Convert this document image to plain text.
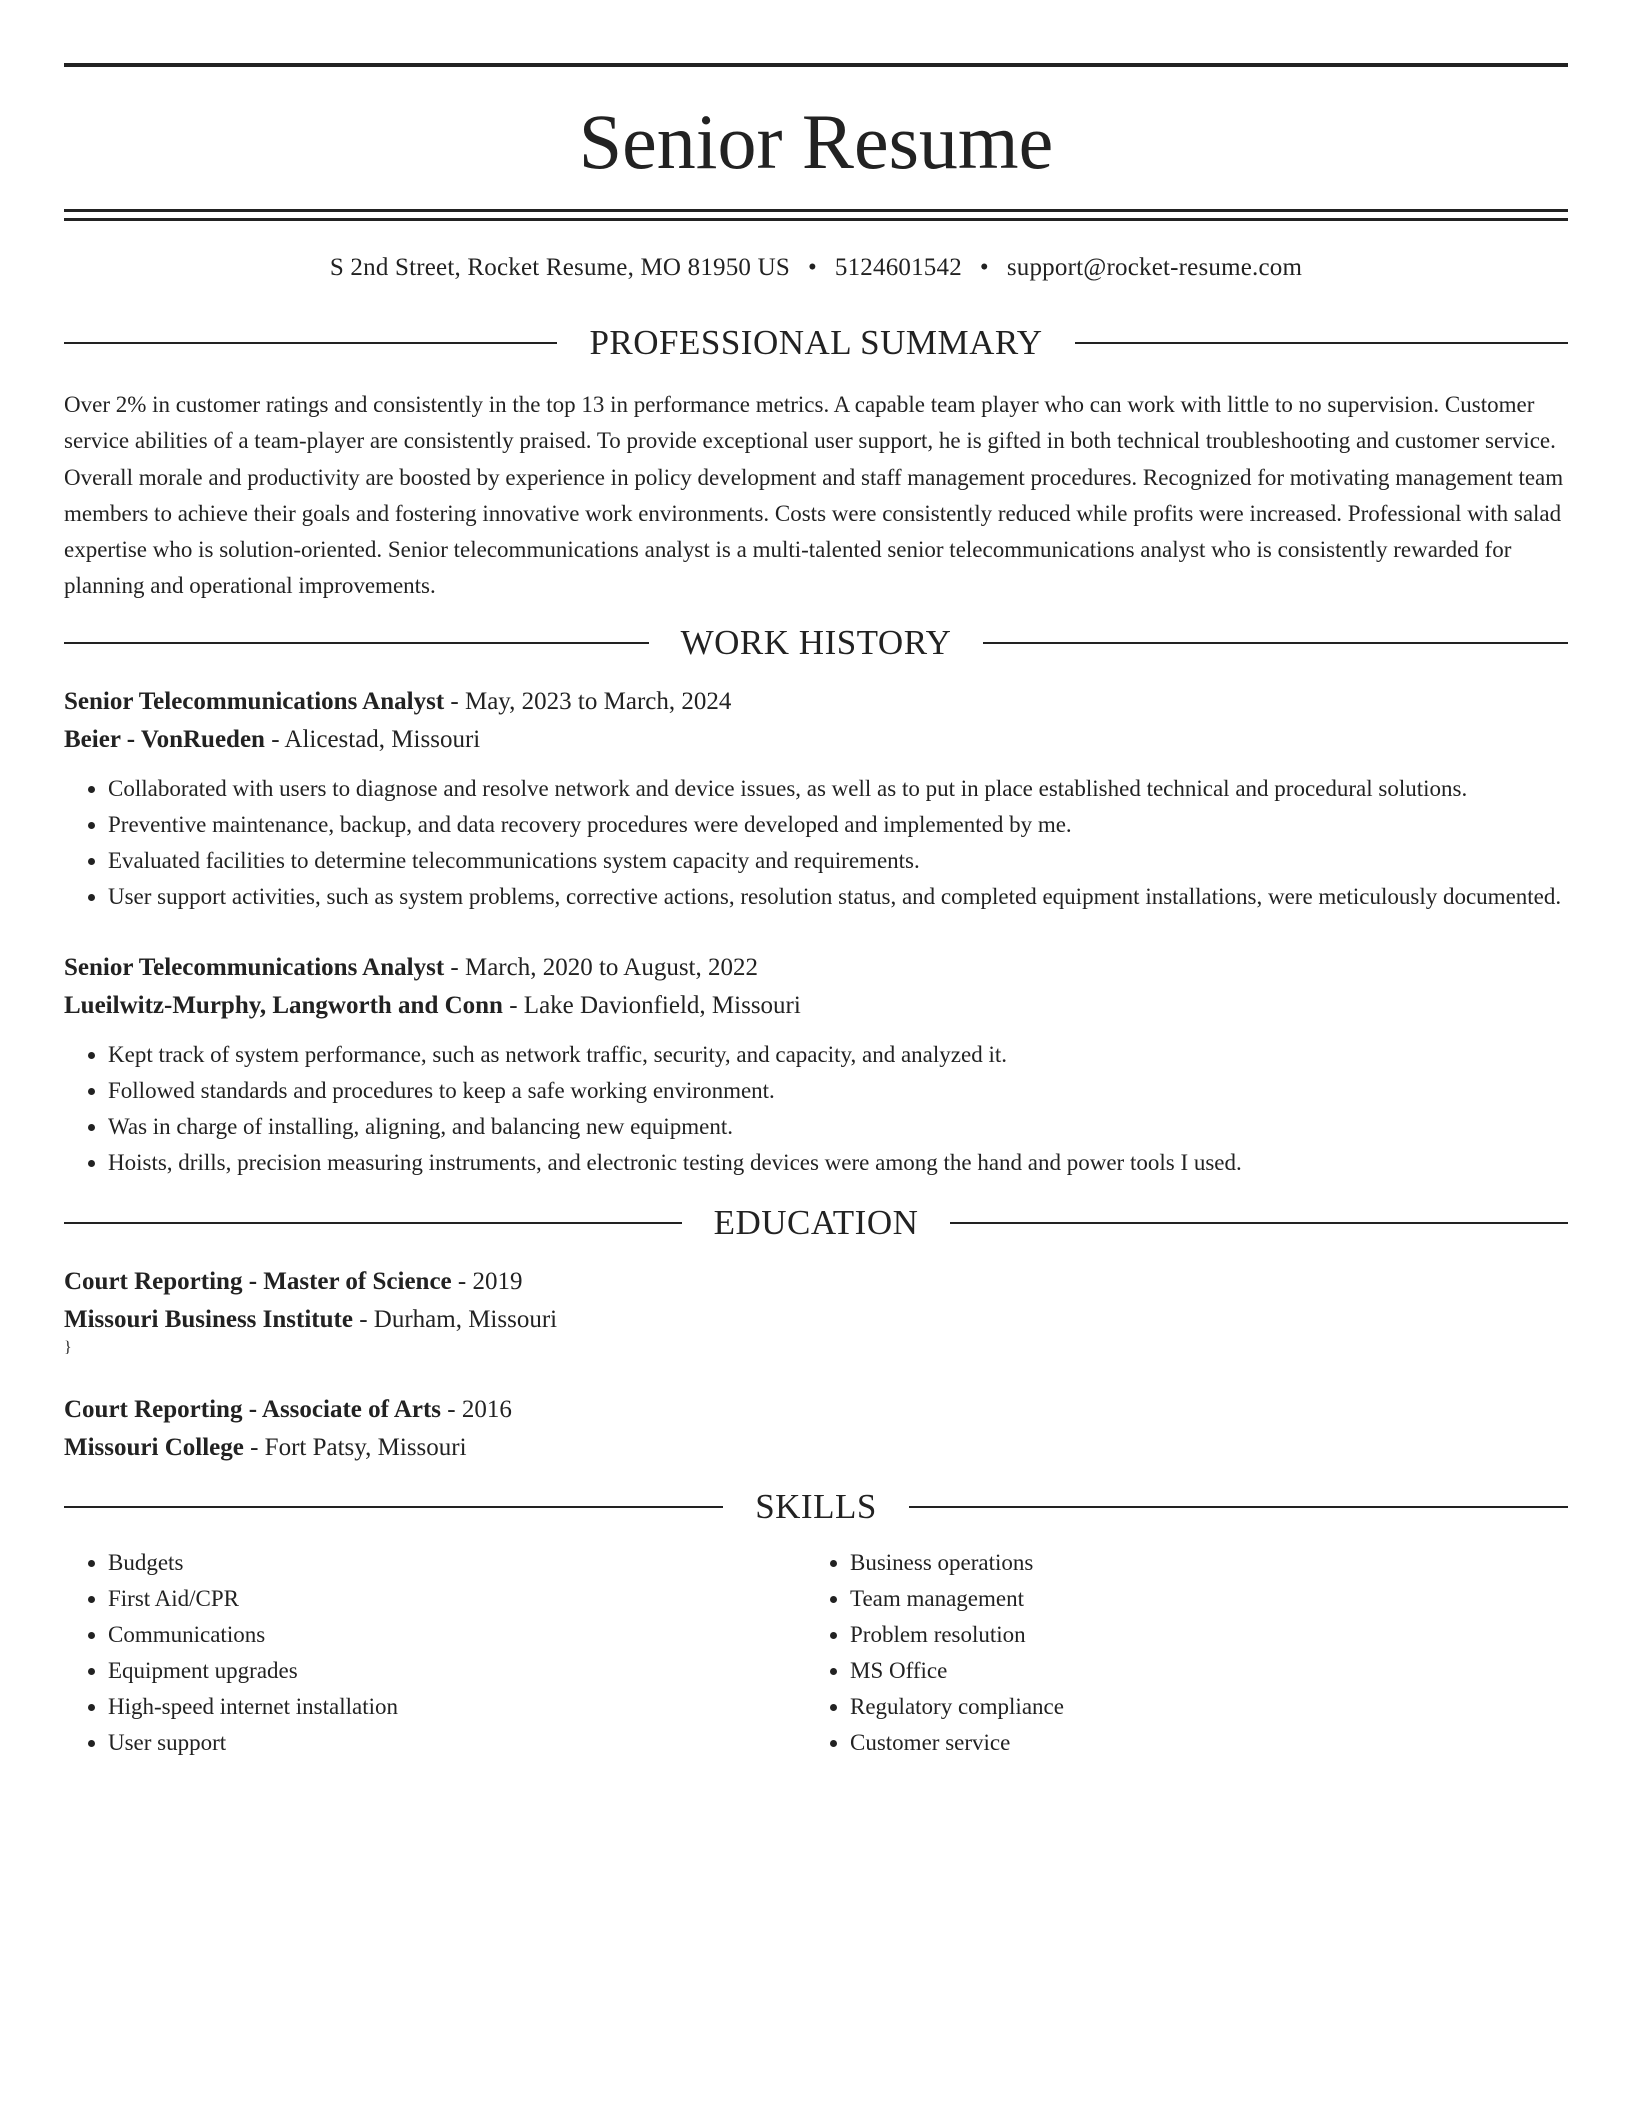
Senior Resume
S 2nd Street, Rocket Resume, MO 81950 US • 5124601542 • support@rocket-resume.com
PROFESSIONAL SUMMARY
Over 2% in customer ratings and consistently in the top 13 in performance metrics. A capable team player who can work with little to no supervision. Customer service abilities of a team-player are consistently praised. To provide exceptional user support, he is gifted in both technical troubleshooting and customer service. Overall morale and productivity are boosted by experience in policy development and staff management procedures. Recognized for motivating management team members to achieve their goals and fostering innovative work environments. Costs were consistently reduced while profits were increased. Professional with salad expertise who is solution-oriented. Senior telecommunications analyst is a multi-talented senior telecommunications analyst who is consistently rewarded for planning and operational improvements.
WORK HISTORY
Senior Telecommunications Analyst - May, 2023 to March, 2024
Beier - VonRueden - Alicestad, Missouri
• Collaborated with users to diagnose and resolve network and device issues, as well as to put in place established technical and procedural solutions.
• Preventive maintenance, backup, and data recovery procedures were developed and implemented by me.
• Evaluated facilities to determine telecommunications system capacity and requirements.
• User support activities, such as system problems, corrective actions, resolution status, and completed equipment installations, were meticulously documented.
Senior Telecommunications Analyst - March, 2020 to August, 2022
Lueilwitz-Murphy, Langworth and Conn - Lake Davionfield, Missouri
• Kept track of system performance, such as network traffic, security, and capacity, and analyzed it.
• Followed standards and procedures to keep a safe working environment.
• Was in charge of installing, aligning, and balancing new equipment.
• Hoists, drills, precision measuring instruments, and electronic testing devices were among the hand and power tools I used.
EDUCATION
Court Reporting - Master of Science - 2019
Missouri Business Institute - Durham, Missouri
}
Court Reporting - Associate of Arts - 2016
Missouri College - Fort Patsy, Missouri
SKILLS
• Budgets
• First Aid/CPR
• Communications
• Equipment upgrades
• High-speed internet installation
• User support
• Business operations
• Team management
• Problem resolution
• MS Office
• Regulatory compliance
• Customer service
